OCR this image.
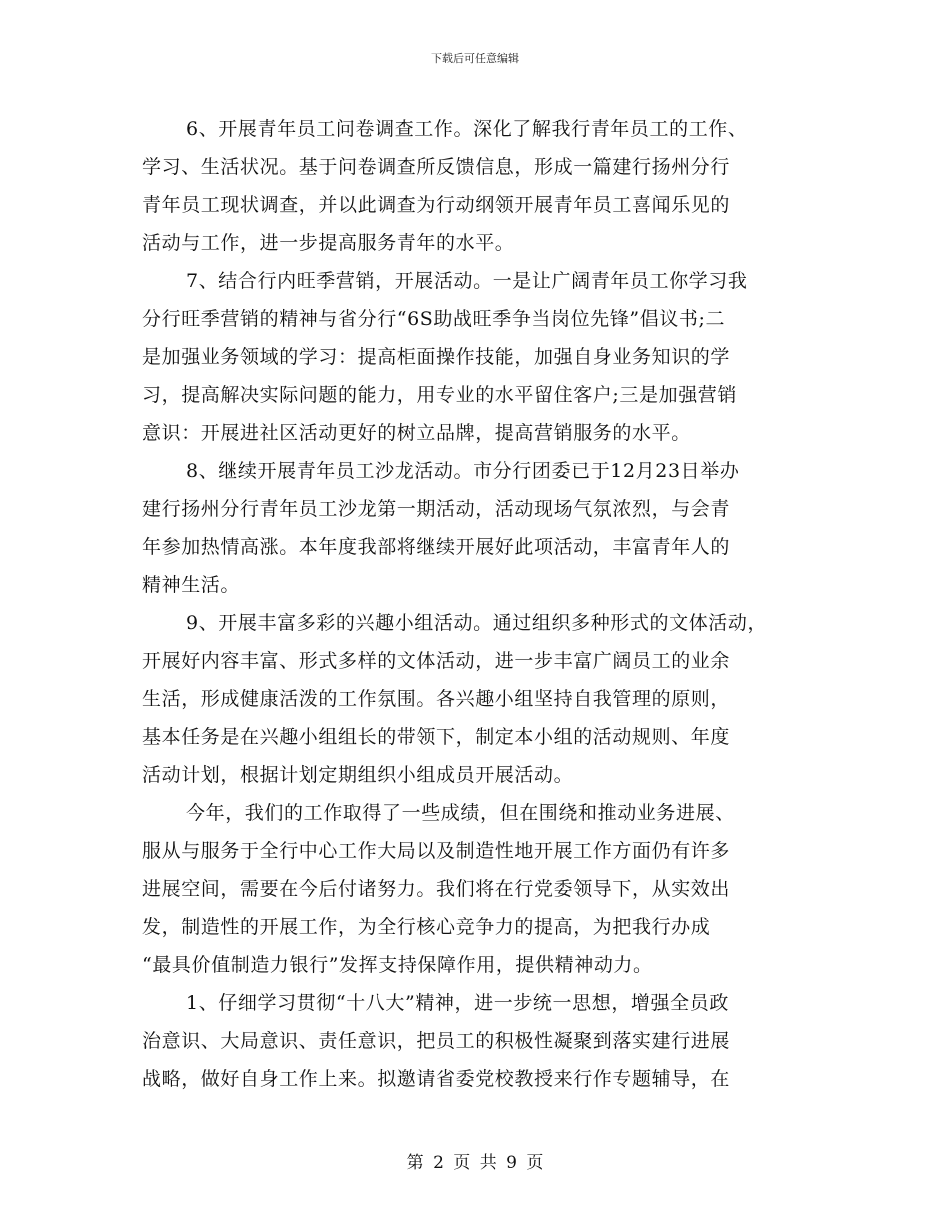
下载后可任意编辑
6、开展青年员工问卷调查工作。深化了解我行青年员工的工作、
学习、生活状况。基于问卷调查所反馈信息，形成一篇建行扬州分行
青年员工现状调查，并以此调查为行动纲领开展青年员工喜闻乐见的
活动与工作，进一步提高服务青年的水平。
7、结合行内旺季营销，开展活动。一是让广阔青年员工你学习我
分行旺季营销的精神与省分行“6S助战旺季争当岗位先锋”倡议书;二
是加强业务领域的学习：提高柜面操作技能，加强自身业务知识的学
习，提高解决实际问题的能力，用专业的水平留住客户;三是加强营销
意识：开展进社区活动更好的树立品牌，提高营销服务的水平。
8、继续开展青年员工沙龙活动。市分行团委已于12月23日举办
建行扬州分行青年员工沙龙第一期活动，活动现场气氛浓烈，与会青
年参加热情高涨。本年度我部将继续开展好此项活动，丰富青年人的
精神生活。
9、开展丰富多彩的兴趣小组活动。通过组织多种形式的文体活动，
开展好内容丰富、形式多样的文体活动，进一步丰富广阔员工的业余
生活，形成健康活泼的工作氛围。各兴趣小组坚持自我管理的原则，
基本任务是在兴趣小组组长的带领下，制定本小组的活动规则、年度
活动计划，根据计划定期组织小组成员开展活动。
今年，我们的工作取得了一些成绩，但在围绕和推动业务进展、
服从与服务于全行中心工作大局以及制造性地开展工作方面仍有许多
进展空间，需要在今后付诸努力。我们将在行党委领导下，从实效出
发，制造性的开展工作，为全行核心竞争力的提高，为把我行办成
“最具价值制造力银行”发挥支持保障作用，提供精神动力。
1、仔细学习贯彻“十八大”精神，进一步统一思想，增强全员政
治意识、大局意识、责任意识，把员工的积极性凝聚到落实建行进展
战略，做好自身工作上来。拟邀请省委党校教授来行作专题辅导，在
第 2 页 共 9 页
